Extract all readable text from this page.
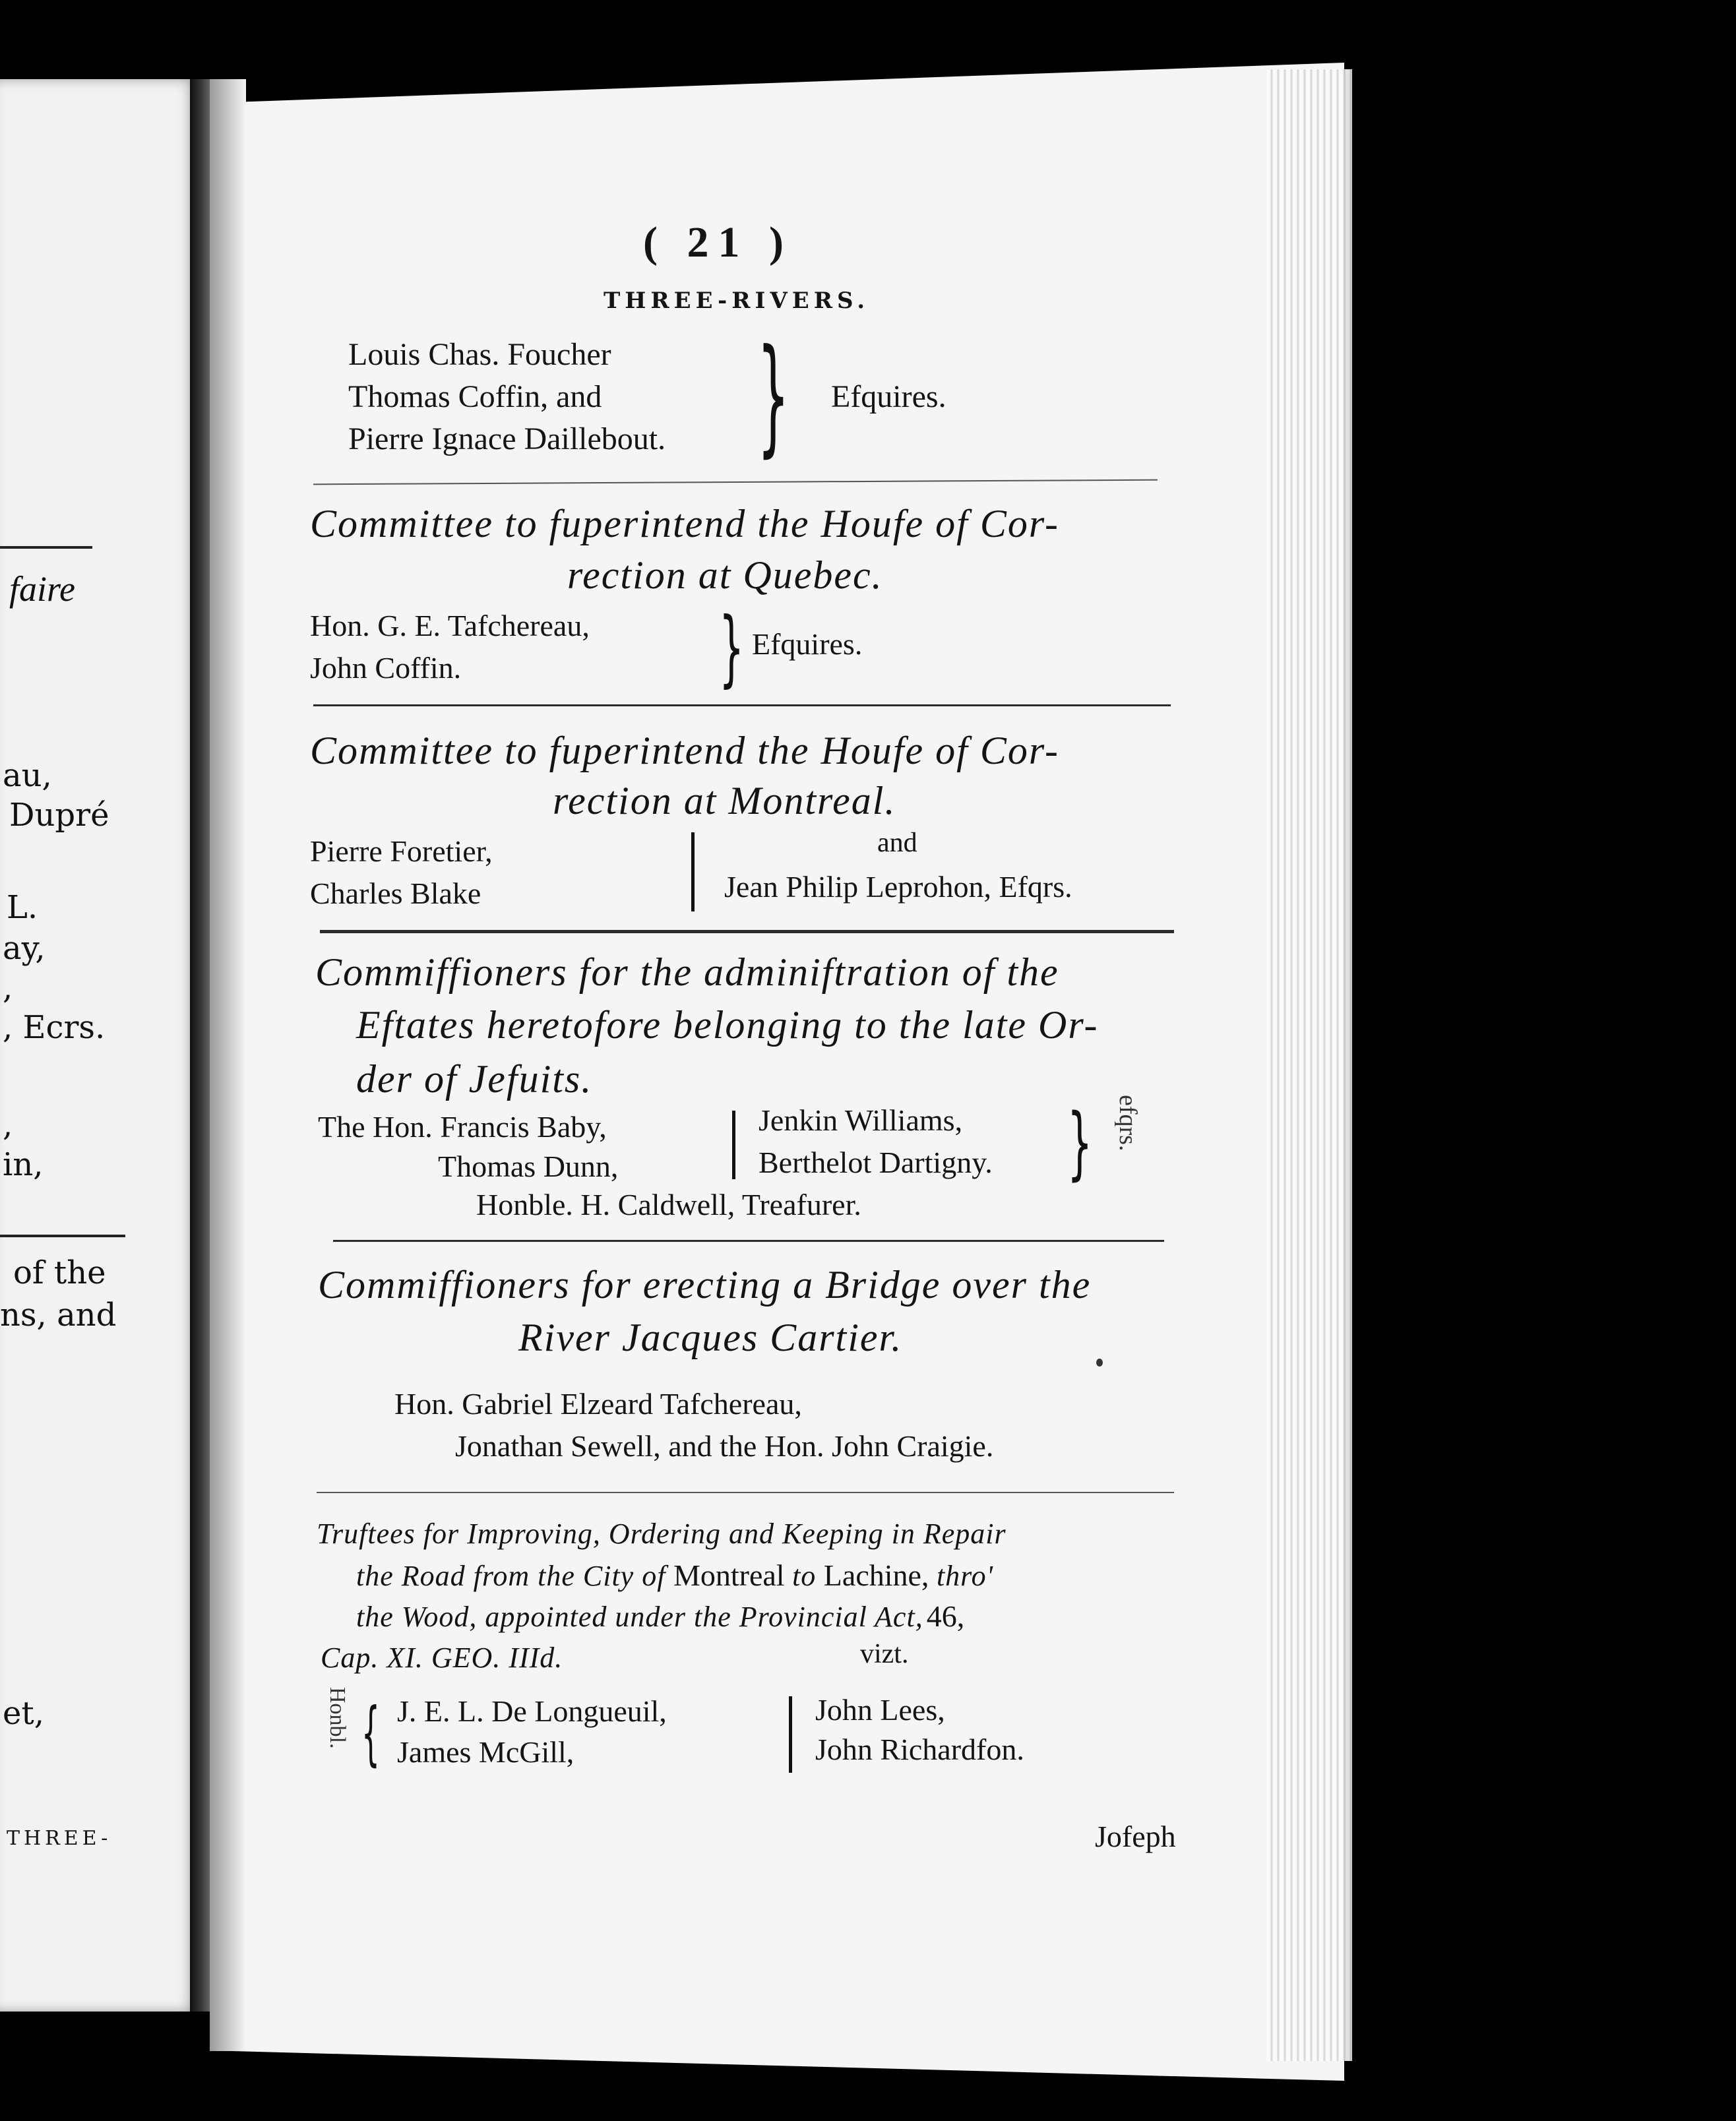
faire
au,
Dupré
L.
ay,
,
, Ecrs.
,
in,
of the
ns, and
et,
THREE-
( 21 )
THREE-RIVERS.
Louis Chas. Foucher
Thomas Coffin, and
Pierre Ignace Daillebout. } Efquires.
Committee to fuperintend the Houfe of Cor-
rection at Quebec.
Hon. G. E. Tafchereau,
John Coffin.	} Efquires.
Committee to fuperintend the Houfe of Cor-
rection at Montreal.
Pierre Foretier,
Charles Blake
and
Jean Philip Leprohon, Efqrs.
Commiffioners for the adminiftration of the
Eftates heretofore belonging to the late Or-
der of Jefuits.
The Hon. Francis Baby,
Thomas Dunn,
Jenkin Williams,
Berthelot Dartigny. } efqrs.
Honble. H. Caldwell, Treafurer.
Commiffioners for erecting a Bridge over the
River Jacques Cartier.
Hon. Gabriel Elzeard Tafchereau,
Jonathan Sewell, and the Hon. John Craigie.
Truftees for Improving, Ordering and Keeping in Repair
the Road from the City of Montreal to Lachine, thro'
the Wood, appointed under the Provincial Act, 46,
Cap. XI. GEO. IIId.	vizt.
Honbl. { J. E. L. De Longueuil,
James McGill,
John Lees,
John Richardfon.
Jofeph
